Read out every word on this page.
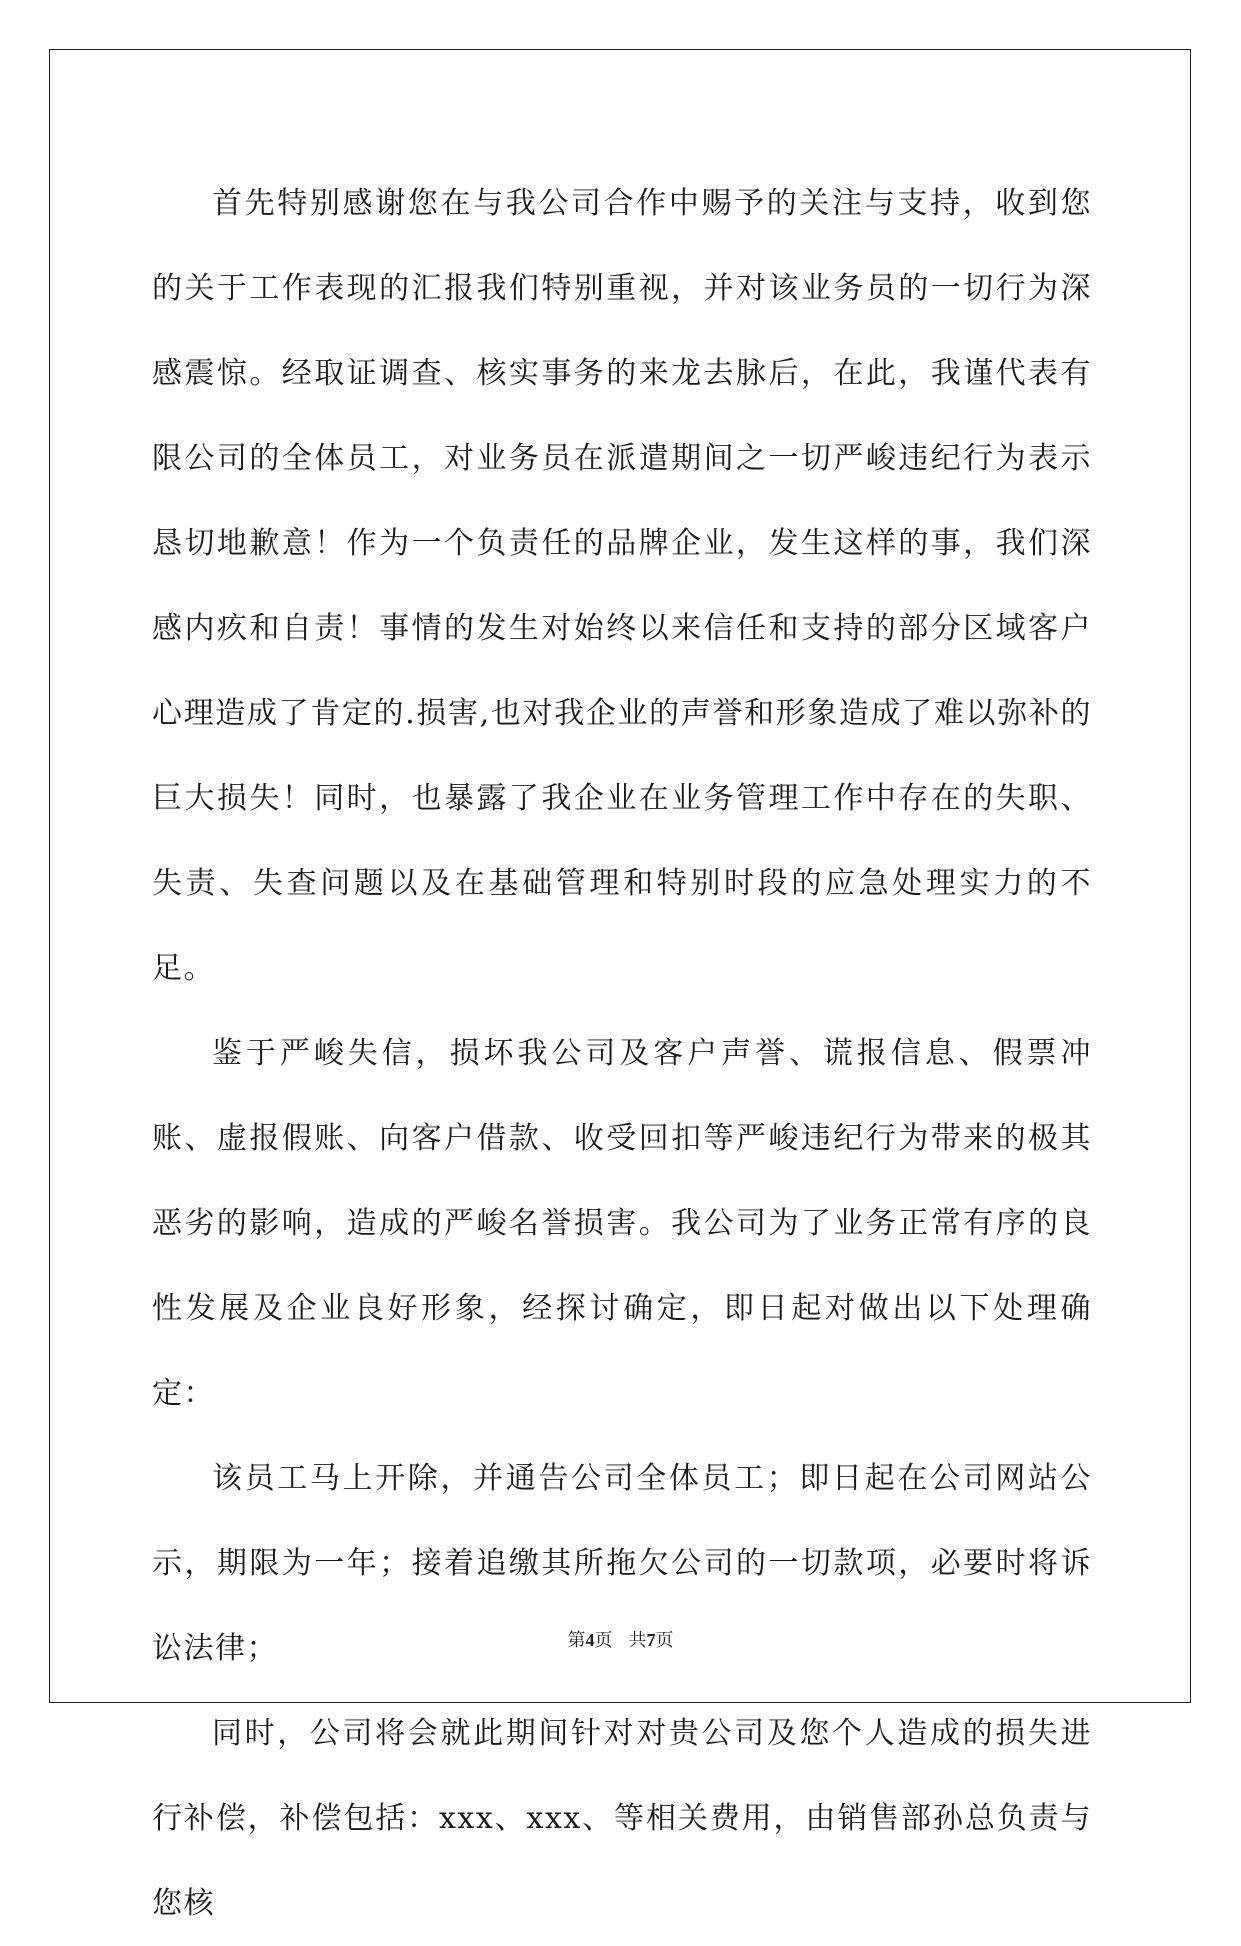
首先特别感谢您在与我公司合作中赐予的关注与支持，收到您的关于工作表现的汇报我们特别重视，并对该业务员的一切行为深感震惊。经取证调查、核实事务的来龙去脉后，在此，我谨代表有限公司的全体员工，对业务员在派遣期间之一切严峻违纪行为表示恳切地歉意！作为一个负责任的品牌企业，发生这样的事，我们深感内疚和自责！事情的发生对始终以来信任和支持的部分区域客户心理造成了肯定的.损害,也对我企业的声誉和形象造成了难以弥补的巨大损失！同时，也暴露了我企业在业务管理工作中存在的失职、失责、失查问题以及在基础管理和特别时段的应急处理实力的不足。

鉴于严峻失信，损坏我公司及客户声誉、谎报信息、假票冲账、虚报假账、向客户借款、收受回扣等严峻违纪行为带来的极其恶劣的影响，造成的严峻名誉损害。我公司为了业务正常有序的良性发展及企业良好形象，经探讨确定，即日起对做出以下处理确定：

该员工马上开除，并通告公司全体员工；即日起在公司网站公示，期限为一年；接着追缴其所拖欠公司的一切款项，必要时将诉讼法律；

同时，公司将会就此期间针对对贵公司及您个人造成的损失进行补偿，补偿包括：xxx、xxx、等相关费用，由销售部孙总负责与您核

第4页 共7页
